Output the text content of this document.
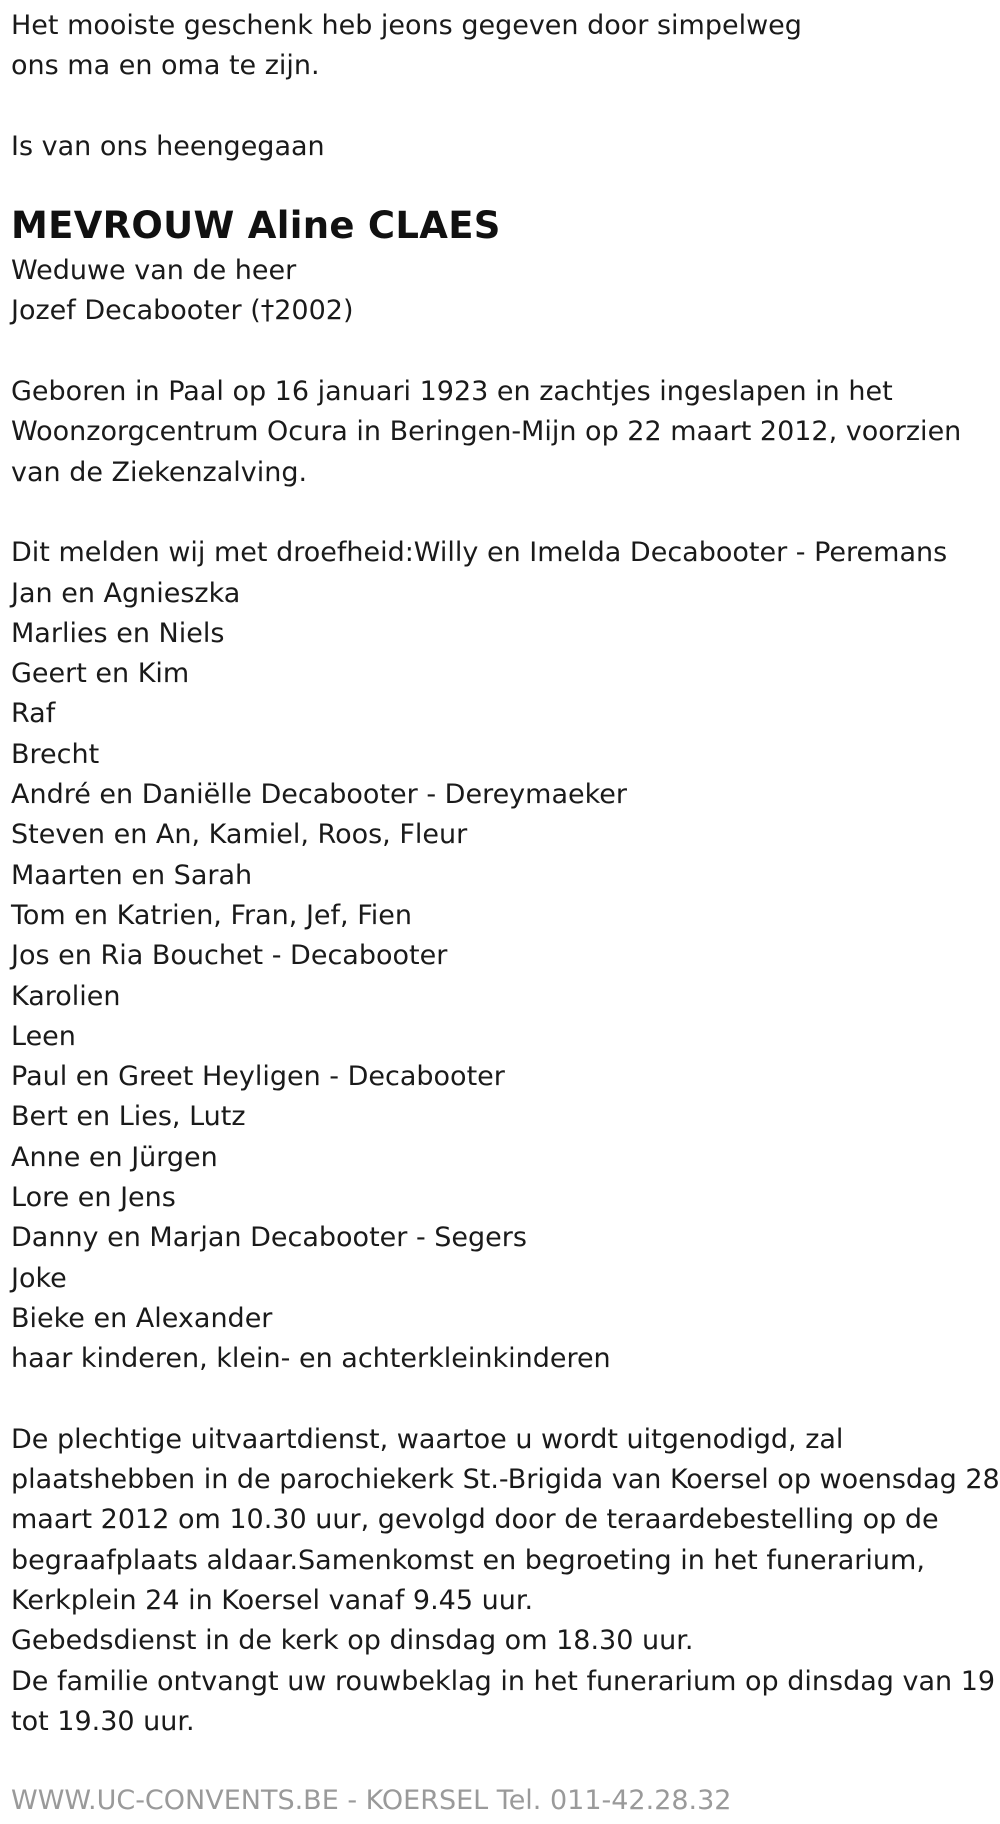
Het mooiste geschenk heb jeons gegeven door simpelweg
ons ma en oma te zijn.
Is van ons heengegaan
MEVROUW Aline CLAES
Weduwe van de heer
Jozef Decabooter (†2002)
Geboren in Paal op 16 januari 1923 en zachtjes ingeslapen in het
Woonzorgcentrum Ocura in Beringen-Mijn op 22 maart 2012, voorzien
van de Ziekenzalving.
Dit melden wij met droefheid:Willy en Imelda Decabooter - Peremans
Jan en Agnieszka
Marlies en Niels
Geert en Kim
Raf
Brecht
André en Daniëlle Decabooter - Dereymaeker
Steven en An, Kamiel, Roos, Fleur
Maarten en Sarah
Tom en Katrien, Fran, Jef, Fien
Jos en Ria Bouchet - Decabooter
Karolien
Leen
Paul en Greet Heyligen - Decabooter
Bert en Lies, Lutz
Anne en Jürgen
Lore en Jens
Danny en Marjan Decabooter - Segers
Joke
Bieke en Alexander
haar kinderen, klein- en achterkleinkinderen
De plechtige uitvaartdienst, waartoe u wordt uitgenodigd, zal
plaatshebben in de parochiekerk St.-Brigida van Koersel op woensdag 28
maart 2012 om 10.30 uur, gevolgd door de teraardebestelling op de
begraafplaats aldaar.Samenkomst en begroeting in het funerarium,
Kerkplein 24 in Koersel vanaf 9.45 uur.
Gebedsdienst in de kerk op dinsdag om 18.30 uur.
De familie ontvangt uw rouwbeklag in het funerarium op dinsdag van 19
tot 19.30 uur.
WWW.UC-CONVENTS.BE - KOERSEL Tel. 011-42.28.32
